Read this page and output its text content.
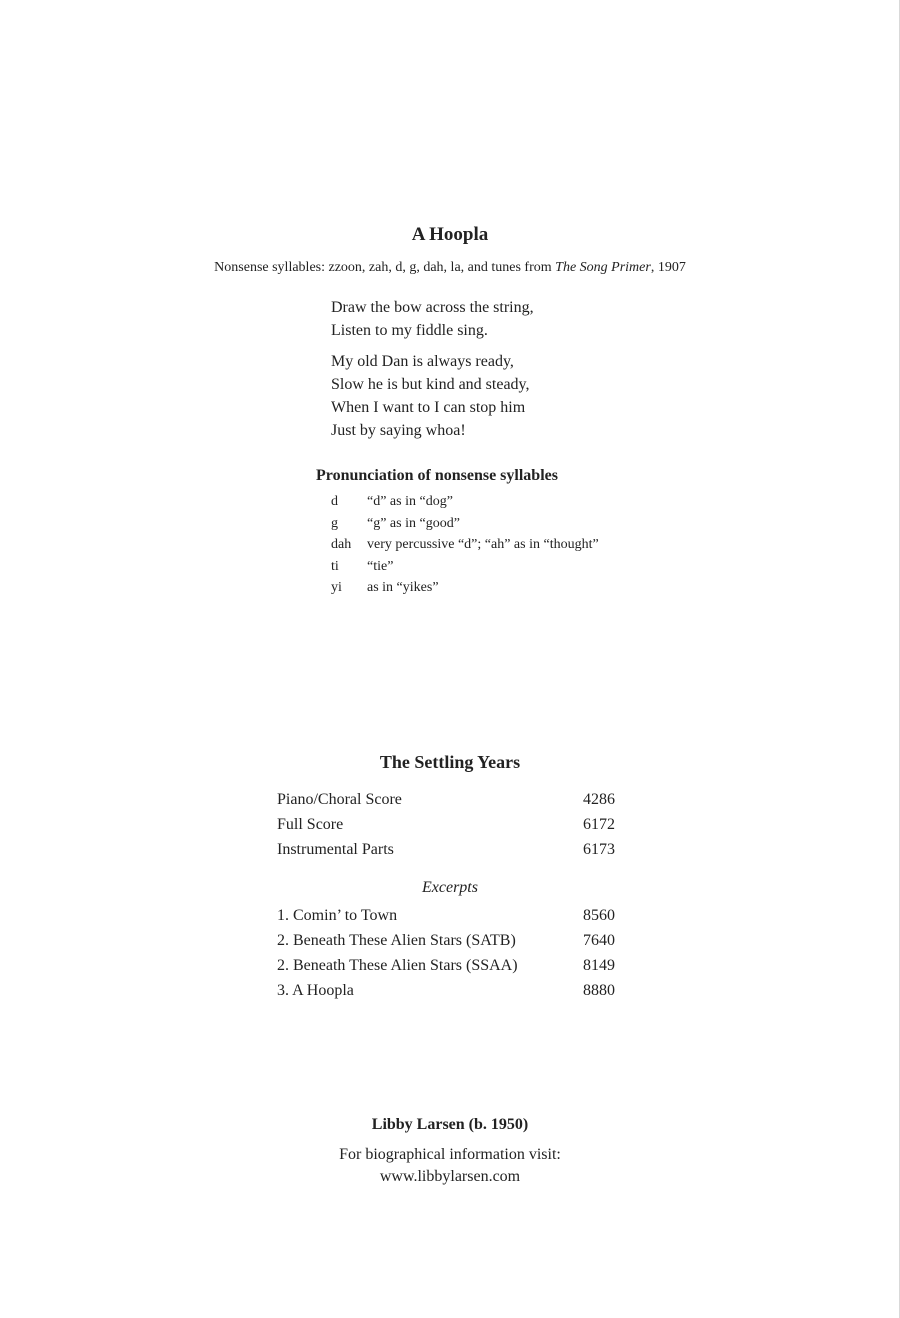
A Hoopla
Nonsense syllables: zzoon, zah, d, g, dah, la, and tunes from The Song Primer, 1907
Draw the bow across the string,
Listen to my fiddle sing.
My old Dan is always ready,
Slow he is but kind and steady,
When I want to I can stop him
Just by saying whoa!
Pronunciation of nonsense syllables
d	“d” as in “dog”
g	“g” as in “good”
dah	very percussive “d”; “ah” as in “thought”
ti	“tie”
yi	as in “yikes”
The Settling Years
Piano/Choral Score	4286
Full Score	6172
Instrumental Parts	6173
Excerpts
1. Comin’ to Town	8560
2. Beneath These Alien Stars (SATB)	7640
2. Beneath These Alien Stars (SSAA)	8149
3. A Hoopla	8880
Libby Larsen (b. 1950)
For biographical information visit:
www.libbylarsen.com
